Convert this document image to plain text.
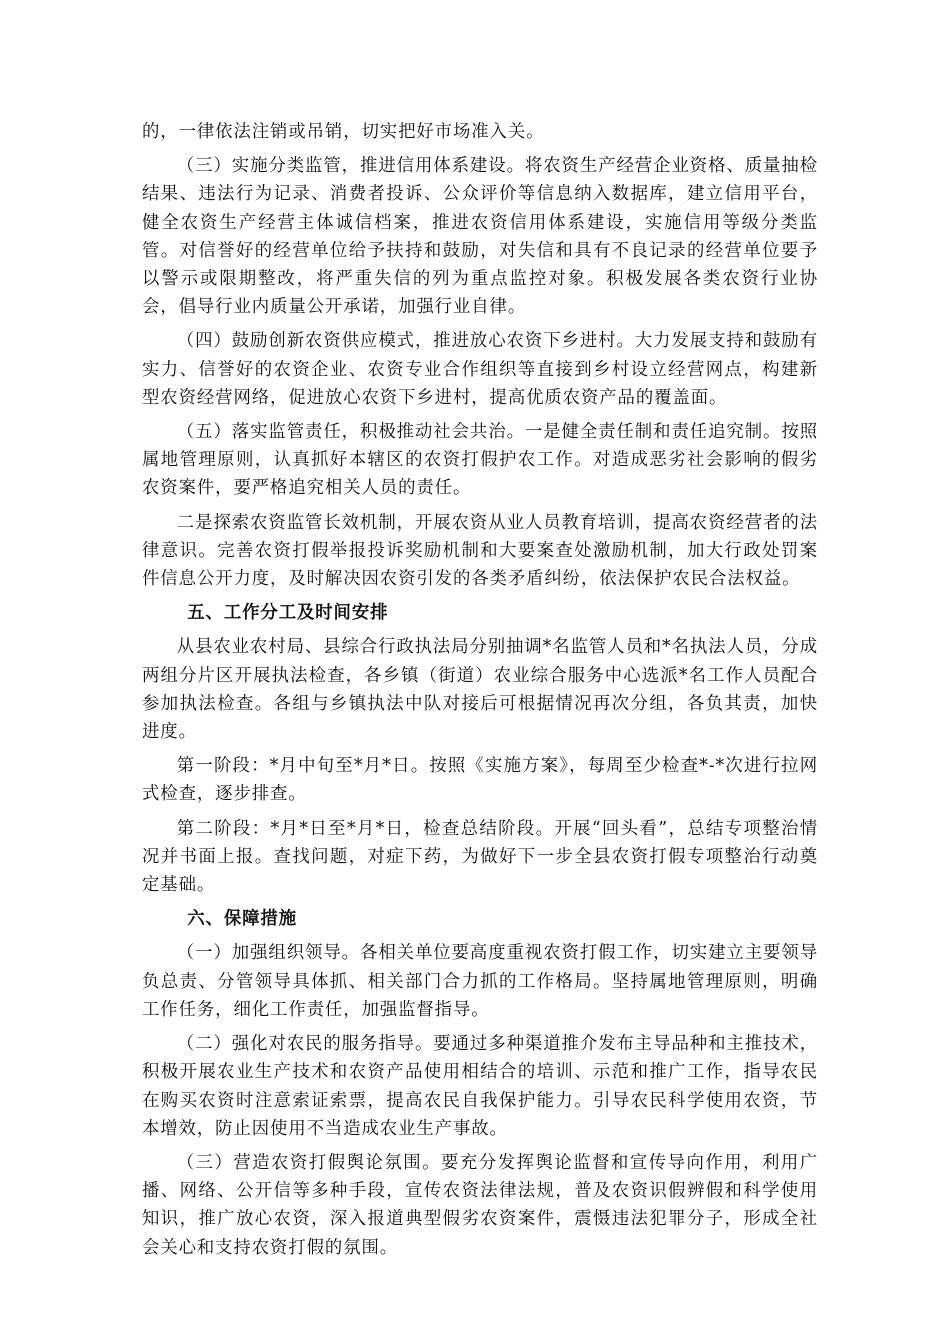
的，一律依法注销或吊销，切实把好市场准入关。

（三）实施分类监管，推进信用体系建设。将农资生产经营企业资格、质量抽检结果、违法行为记录、消费者投诉、公众评价等信息纳入数据库，建立信用平台，健全农资生产经营主体诚信档案，推进农资信用体系建设，实施信用等级分类监管。对信誉好的经营单位给予扶持和鼓励，对失信和具有不良记录的经营单位要予以警示或限期整改，将严重失信的列为重点监控对象。积极发展各类农资行业协会，倡导行业内质量公开承诺，加强行业自律。

（四）鼓励创新农资供应模式，推进放心农资下乡进村。大力发展支持和鼓励有实力、信誉好的农资企业、农资专业合作组织等直接到乡村设立经营网点，构建新型农资经营网络，促进放心农资下乡进村，提高优质农资产品的覆盖面。

（五）落实监管责任，积极推动社会共治。一是健全责任制和责任追究制。按照属地管理原则，认真抓好本辖区的农资打假护农工作。对造成恶劣社会影响的假劣农资案件，要严格追究相关人员的责任。

二是探索农资监管长效机制，开展农资从业人员教育培训，提高农资经营者的法律意识。完善农资打假举报投诉奖励机制和大要案查处激励机制，加大行政处罚案件信息公开力度，及时解决因农资引发的各类矛盾纠纷，依法保护农民合法权益。

五、工作分工及时间安排

从县农业农村局、县综合行政执法局分别抽调*名监管人员和*名执法人员，分成两组分片区开展执法检查，各乡镇（街道）农业综合服务中心选派*名工作人员配合参加执法检查。各组与乡镇执法中队对接后可根据情况再次分组，各负其责，加快进度。

第一阶段：*月中旬至*月*日。按照《实施方案》，每周至少检查*-*次进行拉网式检查，逐步排查。

第二阶段：*月*日至*月*日，检查总结阶段。开展“回头看”，总结专项整治情况并书面上报。查找问题，对症下药，为做好下一步全县农资打假专项整治行动奠定基础。

六、保障措施

（一）加强组织领导。各相关单位要高度重视农资打假工作，切实建立主要领导负总责、分管领导具体抓、相关部门合力抓的工作格局。坚持属地管理原则，明确工作任务，细化工作责任，加强监督指导。

（二）强化对农民的服务指导。要通过多种渠道推介发布主导品种和主推技术，积极开展农业生产技术和农资产品使用相结合的培训、示范和推广工作，指导农民在购买农资时注意索证索票，提高农民自我保护能力。引导农民科学使用农资，节本增效，防止因使用不当造成农业生产事故。

（三）营造农资打假舆论氛围。要充分发挥舆论监督和宣传导向作用，利用广播、网络、公开信等多种手段，宣传农资法律法规，普及农资识假辨假和科学使用知识，推广放心农资，深入报道典型假劣农资案件，震慑违法犯罪分子，形成全社会关心和支持农资打假的氛围。
